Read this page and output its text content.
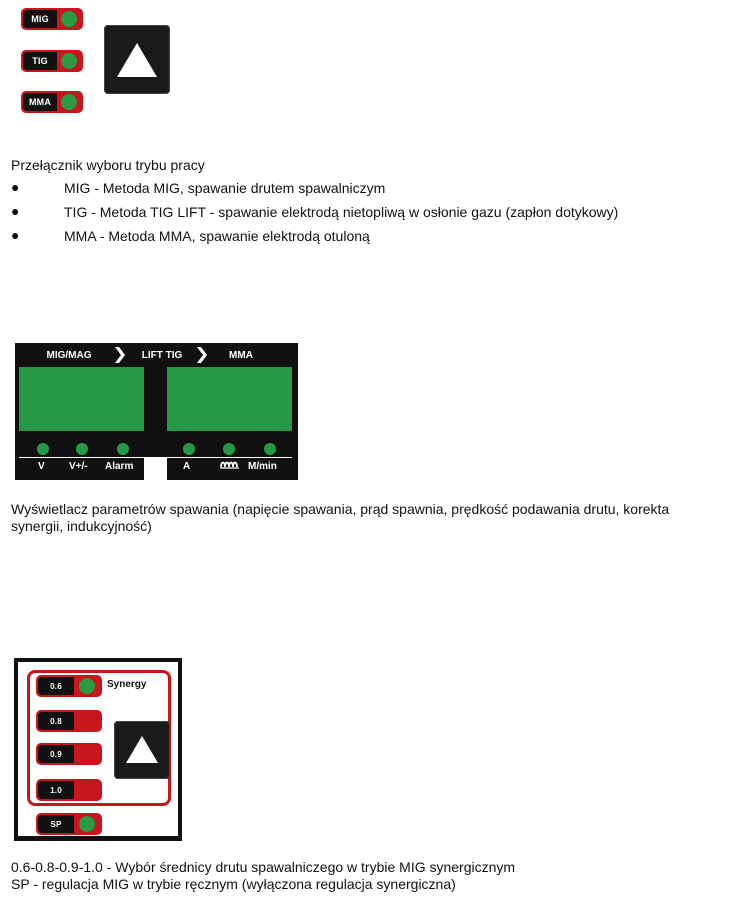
MIG
TIG
MMA
Przełącznik wyboru trybu pracy
●	MIG - Metoda MIG, spawanie drutem spawalniczym
●	TIG - Metoda TIG LIFT - spawanie elektrodą nietopliwą w osłonie gazu (zapłon dotykowy)
●	MMA - Metoda MMA, spawanie elektrodą otuloną
MIG/MAG	LIFT TIG	MMA
V V+/- Alarm	A	M/min
Wyświetlacz parametrów spawania (napięcie spawania, prąd spawnia, prędkość podawania drutu, korekta
synergii, indukcyjność)
Synergy
0.6
0.8
0.9
1.0
SP
0.6-0.8-0.9-1.0 - Wybór średnicy drutu spawalniczego w trybie MIG synergicznym
SP - regulacja MIG w trybie ręcznym (wyłączona regulacja synergiczna)
